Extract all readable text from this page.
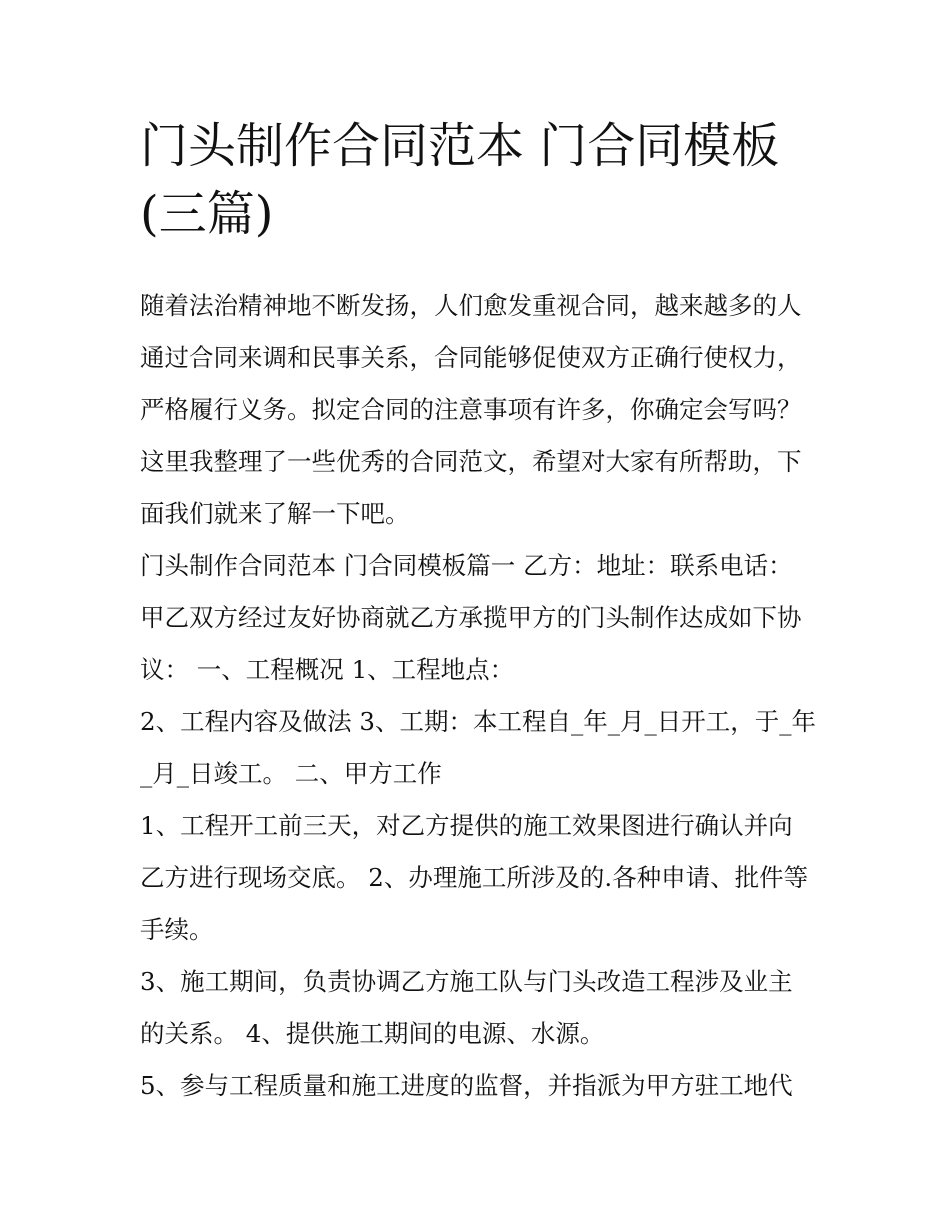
门头制作合同范本 门合同模板
(三篇)
随着法治精神地不断发扬，人们愈发重视合同，越来越多的人
通过合同来调和民事关系，合同能够促使双方正确行使权力，
严格履行义务。拟定合同的注意事项有许多，你确定会写吗？
这里我整理了一些优秀的合同范文，希望对大家有所帮助，下
面我们就来了解一下吧。
门头制作合同范本 门合同模板篇一 乙方：地址：联系电话：
甲乙双方经过友好协商就乙方承揽甲方的门头制作达成如下协
议： 一、工程概况 1、工程地点：
2、工程内容及做法 3、工期：本工程自_年_月_日开工，于_年
_月_日竣工。 二、甲方工作
1、工程开工前三天，对乙方提供的施工效果图进行确认并向
乙方进行现场交底。 2、办理施工所涉及的.各种申请、批件等
手续。
3、施工期间，负责协调乙方施工队与门头改造工程涉及业主
的关系。 4、提供施工期间的电源、水源。
5、参与工程质量和施工进度的监督，并指派为甲方驻工地代
